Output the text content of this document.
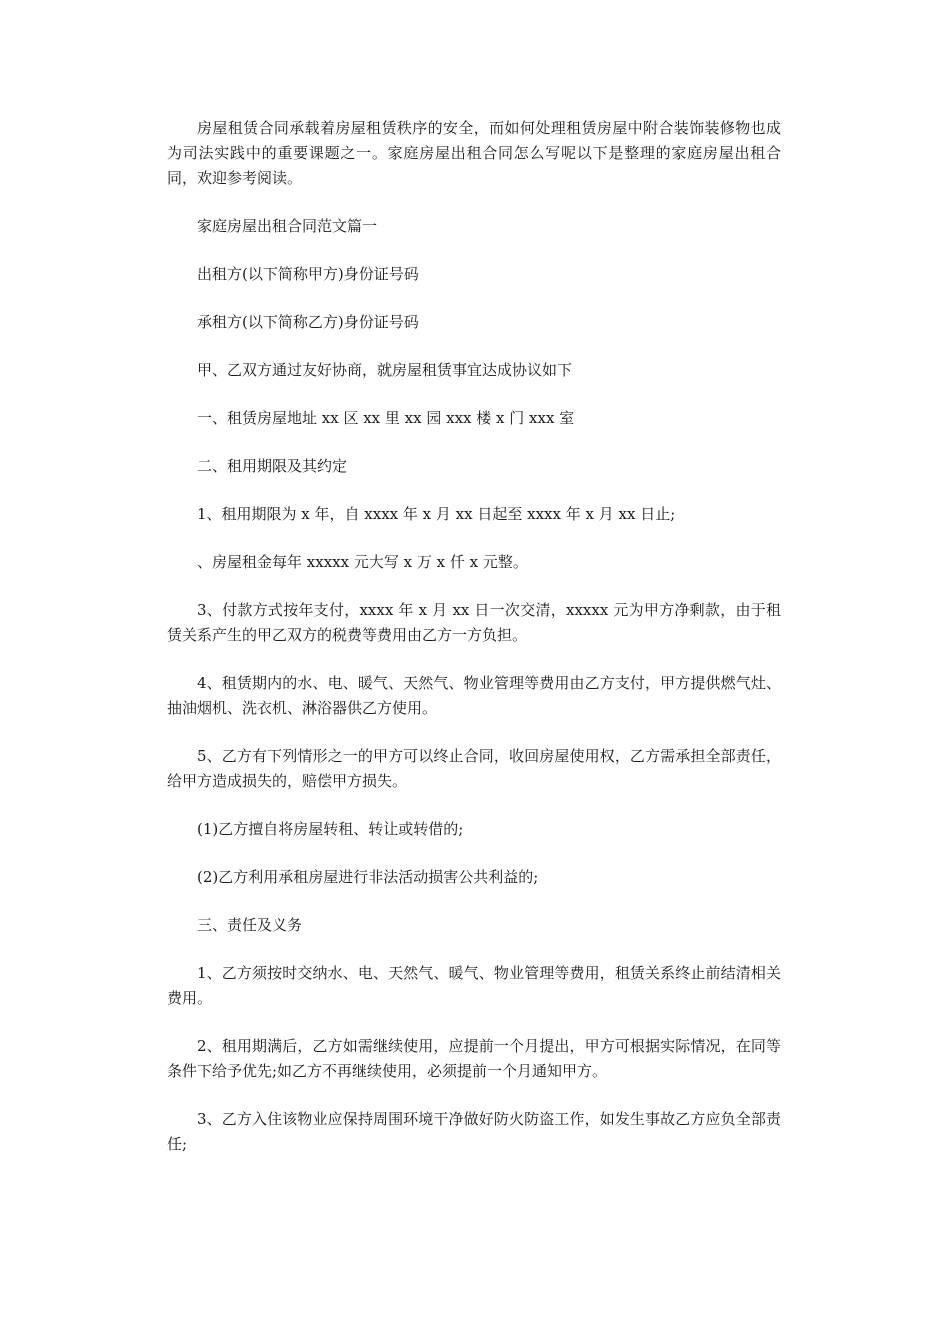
房屋租赁合同承载着房屋租赁秩序的安全，而如何处理租赁房屋中附合装饰装修物也成为司法实践中的重要课题之一。家庭房屋出租合同怎么写呢以下是整理的家庭房屋出租合同，欢迎参考阅读。

家庭房屋出租合同范文篇一

出租方(以下简称甲方)身份证号码

承租方(以下简称乙方)身份证号码

甲、乙双方通过友好协商，就房屋租赁事宜达成协议如下

一、租赁房屋地址 xx 区 xx 里 xx 园 xxx 楼 x 门 xxx 室

二、租用期限及其约定

1、租用期限为 x 年，自 xxxx 年 x 月 xx 日起至 xxxx 年 x 月 xx 日止;

、房屋租金每年 xxxxx 元大写 x 万 x 仟 x 元整。

3、付款方式按年支付，xxxx 年 x 月 xx 日一次交清，xxxxx 元为甲方净剩款，由于租赁关系产生的甲乙双方的税费等费用由乙方一方负担。

4、租赁期内的水、电、暖气、天然气、物业管理等费用由乙方支付，甲方提供燃气灶、抽油烟机、洗衣机、淋浴器供乙方使用。

5、乙方有下列情形之一的甲方可以终止合同，收回房屋使用权，乙方需承担全部责任，给甲方造成损失的，赔偿甲方损失。

(1)乙方擅自将房屋转租、转让或转借的;

(2)乙方利用承租房屋进行非法活动损害公共利益的;

三、责任及义务

1、乙方须按时交纳水、电、天然气、暖气、物业管理等费用，租赁关系终止前结清相关费用。

2、租用期满后，乙方如需继续使用，应提前一个月提出，甲方可根据实际情况，在同等条件下给予优先;如乙方不再继续使用，必须提前一个月通知甲方。

3、乙方入住该物业应保持周围环境干净做好防火防盗工作，如发生事故乙方应负全部责任;
